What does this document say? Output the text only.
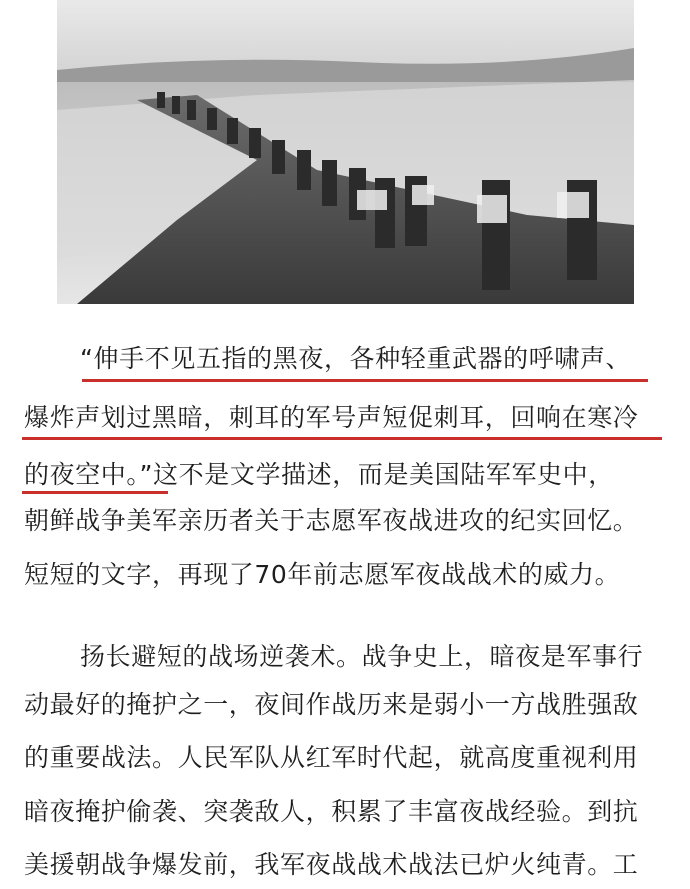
“伸手不见五指的黑夜，各种轻重武器的呼啸声、
爆炸声划过黑暗，刺耳的军号声短促刺耳，回响在寒冷
的夜空中。”这不是文学描述，而是美国陆军军史中，
朝鲜战争美军亲历者关于志愿军夜战进攻的纪实回忆。
短短的文字，再现了70年前志愿军夜战战术的威力。
扬长避短的战场逆袭术。战争史上，暗夜是军事行
动最好的掩护之一，夜间作战历来是弱小一方战胜强敌
的重要战法。人民军队从红军时代起，就高度重视利用
暗夜掩护偷袭、突袭敌人，积累了丰富夜战经验。到抗
美援朝战争爆发前，我军夜战战术战法已炉火纯青。工
